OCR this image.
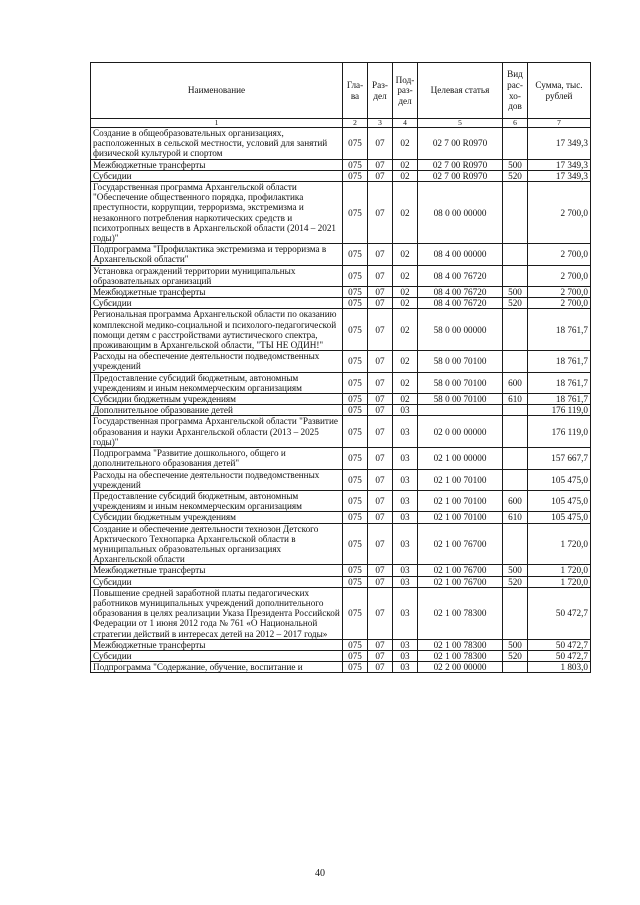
Наименование	Гла-ва	Раз-дел	Под-раз-дел	Целевая статья	Вид рас-хо-дов	Сумма, тыс. рублей
1	2	3	4	5	6	7
Создание в общеобразовательных организациях, расположенных в сельской местности, условий для занятий физической культурой и спортом	075	07	02	02 7 00 R0970		17 349,3
Межбюджетные трансферты	075	07	02	02 7 00 R0970	500	17 349,3
Субсидии	075	07	02	02 7 00 R0970	520	17 349,3
Государственная программа Архангельской области "Обеспечение общественного порядка, профилактика преступности, коррупции, терроризма, экстремизма и незаконного потребления наркотических средств и психотропных веществ в Архангельской области (2014 – 2021 годы)"	075	07	02	08 0 00 00000		2 700,0
Подпрограмма "Профилактика экстремизма и терроризма в Архангельской области"	075	07	02	08 4 00 00000		2 700,0
Установка ограждений территории муниципальных образовательных организаций	075	07	02	08 4 00 76720		2 700,0
Межбюджетные трансферты	075	07	02	08 4 00 76720	500	2 700,0
Субсидии	075	07	02	08 4 00 76720	520	2 700,0
Региональная программа Архангельской области по оказанию комплексной медико-социальной и психолого-педагогической помощи детям с расстройствами аутистического спектра, проживающим в Архангельской области, "ТЫ НЕ ОДИН!"	075	07	02	58 0 00 00000		18 761,7
Расходы на обеспечение деятельности подведомственных учреждений	075	07	02	58 0 00 70100		18 761,7
Предоставление субсидий бюджетным, автономным учреждениям и иным некоммерческим организациям	075	07	02	58 0 00 70100	600	18 761,7
Субсидии бюджетным учреждениям	075	07	02	58 0 00 70100	610	18 761,7
Дополнительное образование детей	075	07	03			176 119,0
Государственная программа Архангельской области "Развитие образования и науки Архангельской области (2013 – 2025 годы)"	075	07	03	02 0 00 00000		176 119,0
Подпрограмма "Развитие дошкольного, общего и дополнительного образования детей"	075	07	03	02 1 00 00000		157 667,7
Расходы на обеспечение деятельности подведомственных учреждений	075	07	03	02 1 00 70100		105 475,0
Предоставление субсидий бюджетным, автономным учреждениям и иным некоммерческим организациям	075	07	03	02 1 00 70100	600	105 475,0
Субсидии бюджетным учреждениям	075	07	03	02 1 00 70100	610	105 475,0
Создание и обеспечение деятельности технозон Детского Арктического Технопарка Архангельской области в муниципальных образовательных организациях Архангельской области	075	07	03	02 1 00 76700		1 720,0
Межбюджетные трансферты	075	07	03	02 1 00 76700	500	1 720,0
Субсидии	075	07	03	02 1 00 76700	520	1 720,0
Повышение средней заработной платы педагогических работников муниципальных учреждений дополнительного образования в целях реализации Указа Президента Российской Федерации от 1 июня 2012 года № 761 «О Национальной стратегии действий в интересах детей на 2012 – 2017 годы»	075	07	03	02 1 00 78300		50 472,7
Межбюджетные трансферты	075	07	03	02 1 00 78300	500	50 472,7
Субсидии	075	07	03	02 1 00 78300	520	50 472,7
Подпрограмма "Содержание, обучение, воспитание и	075	07	03	02 2 00 00000		1 803,0
40
